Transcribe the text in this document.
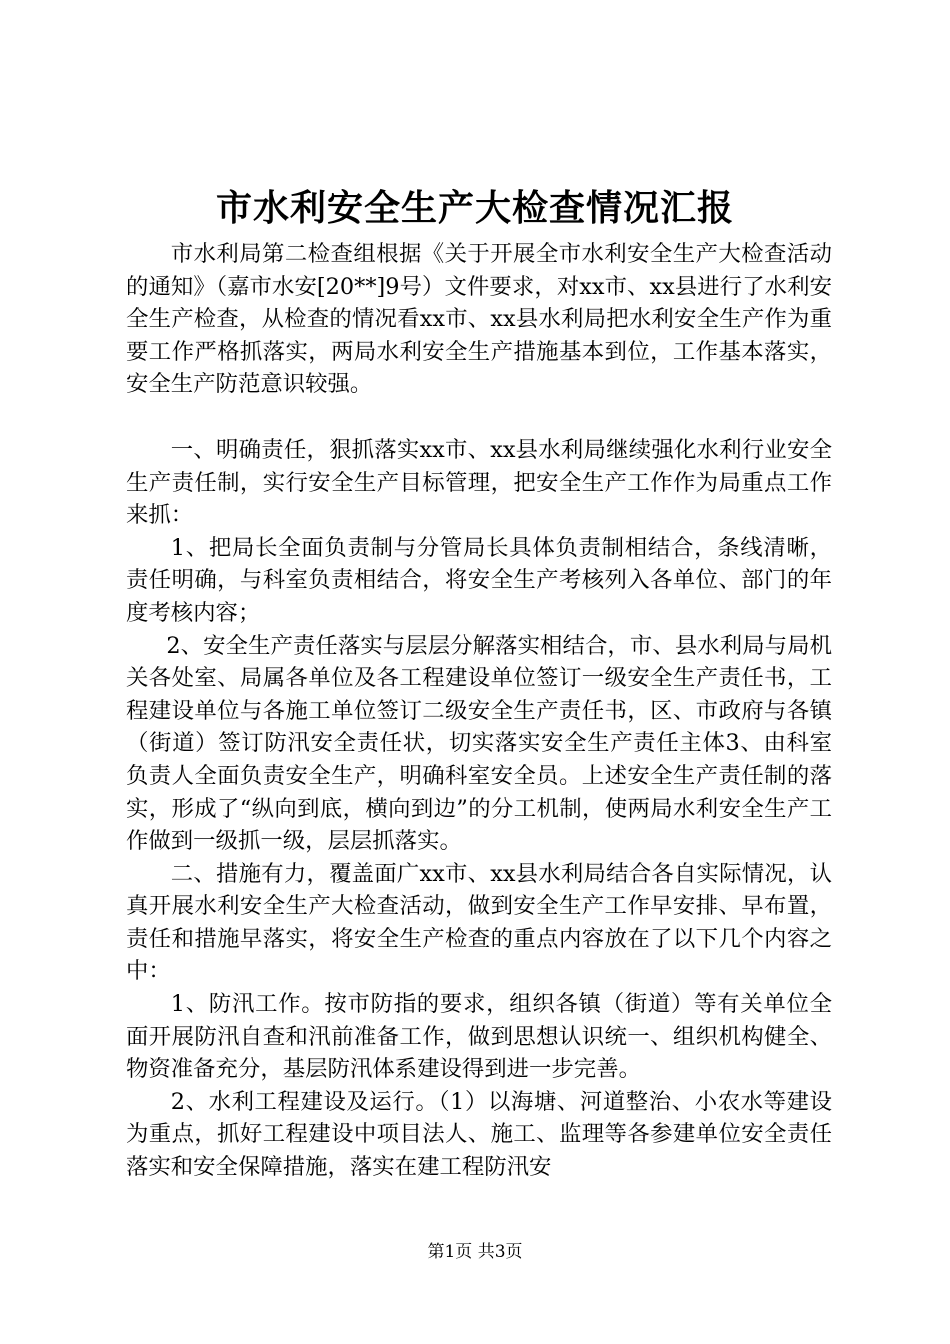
市水利安全生产大检查情况汇报

市水利局第二检查组根据《关于开展全市水利安全生产大检查活动的通知》（嘉市水安[20**]9号）文件要求，对xx市、xx县进行了水利安全生产检查，从检查的情况看xx市、xx县水利局把水利安全生产作为重要工作严格抓落实，两局水利安全生产措施基本到位，工作基本落实，安全生产防范意识较强。

一、明确责任，狠抓落实xx市、xx县水利局继续强化水利行业安全生产责任制，实行安全生产目标管理，把安全生产工作作为局重点工作来抓：

1、把局长全面负责制与分管局长具体负责制相结合，条线清晰，责任明确，与科室负责相结合，将安全生产考核列入各单位、部门的年度考核内容；

2、安全生产责任落实与层层分解落实相结合，市、县水利局与局机关各处室、局属各单位及各工程建设单位签订一级安全生产责任书，工程建设单位与各施工单位签订二级安全生产责任书，区、市政府与各镇（街道）签订防汛安全责任状，切实落实安全生产责任主体3、由科室负责人全面负责安全生产，明确科室安全员。上述安全生产责任制的落实，形成了“纵向到底，横向到边”的分工机制，使两局水利安全生产工作做到一级抓一级，层层抓落实。

二、措施有力，覆盖面广xx市、xx县水利局结合各自实际情况，认真开展水利安全生产大检查活动，做到安全生产工作早安排、早布置，责任和措施早落实，将安全生产检查的重点内容放在了以下几个内容之中：

1、防汛工作。按市防指的要求，组织各镇（街道）等有关单位全面开展防汛自查和汛前准备工作，做到思想认识统一、组织机构健全、物资准备充分，基层防汛体系建设得到进一步完善。

2、水利工程建设及运行。（1）以海塘、河道整治、小农水等建设为重点，抓好工程建设中项目法人、施工、监理等各参建单位安全责任落实和安全保障措施，落实在建工程防汛安

第1页 共3页
